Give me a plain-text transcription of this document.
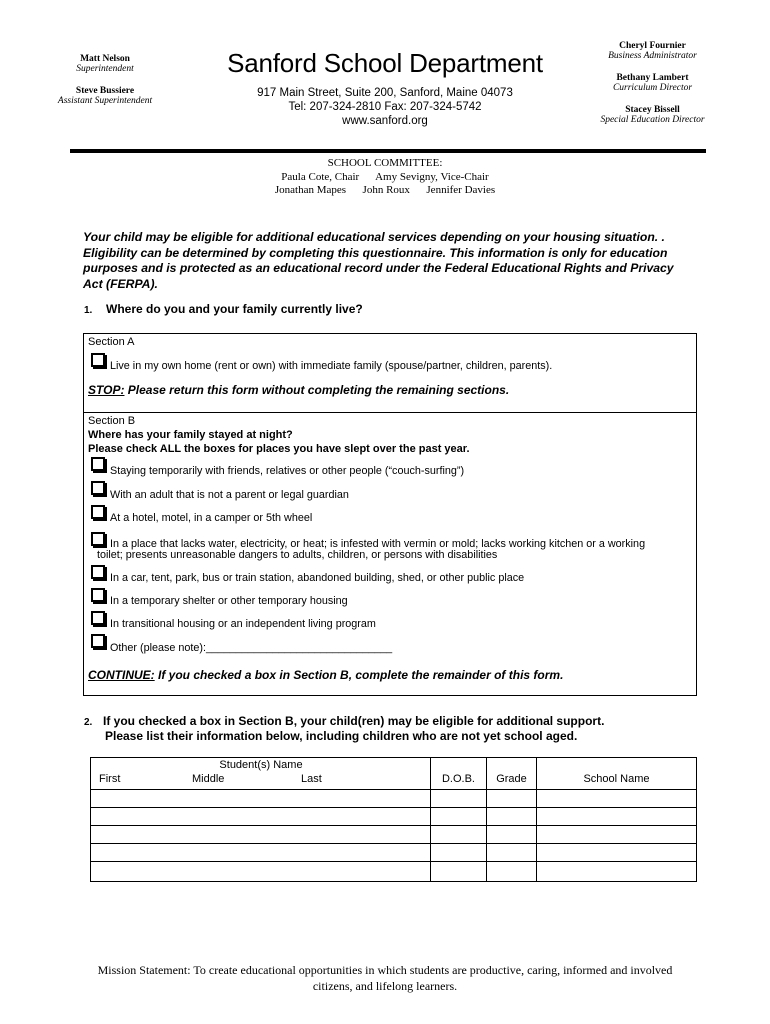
Matt Nelson
Superintendent
Steve Bussiere
Assistant Superintendent
Sanford School Department
917 Main Street, Suite 200, Sanford, Maine 04073
Tel: 207-324-2810 Fax: 207-324-5742
www.sanford.org
Cheryl Fournier
Business Administrator
Bethany Lambert
Curriculum Director
Stacey Bissell
Special Education Director
SCHOOL COMMITTEE:
Paula Cote, Chair      Amy Sevigny, Vice-Chair
Jonathan Mapes      John Roux      Jennifer Davies
Your child may be eligible for additional educational services depending on your housing situation. . Eligibility can be determined by completing this questionnaire. This information is only for education purposes and is protected as an educational record under the Federal Educational Rights and Privacy Act (FERPA).
1. Where do you and your family currently live?
Section A
Live in my own home (rent or own) with immediate family (spouse/partner, children, parents).
STOP: Please return this form without completing the remaining sections.
Section B
Where has your family stayed at night?
Please check ALL the boxes for places you have slept over the past year.
Staying temporarily with friends, relatives or other people (“couch-surfing”)
With an adult that is not a parent or legal guardian
At a hotel, motel, in a camper or 5th wheel
In a place that lacks water, electricity, or heat; is infested with vermin or mold; lacks working kitchen or a working
toilet; presents unreasonable dangers to adults, children, or persons with disabilities
In a car, tent, park, bus or train station, abandoned building, shed, or other public place
In a temporary shelter or other temporary housing
In transitional housing or an independent living program
Other (please note):_______________________________
CONTINUE: If you checked a box in Section B, complete the remainder of this form.
2. If you checked a box in Section B, your child(ren) may be eligible for additional support.
Please list their information below, including children who are not yet school aged.
Student(s) Name
First Middle Last	D.O.B.	Grade	School Name

Mission Statement: To create educational opportunities in which students are productive, caring, informed and involved
citizens, and lifelong learners.
